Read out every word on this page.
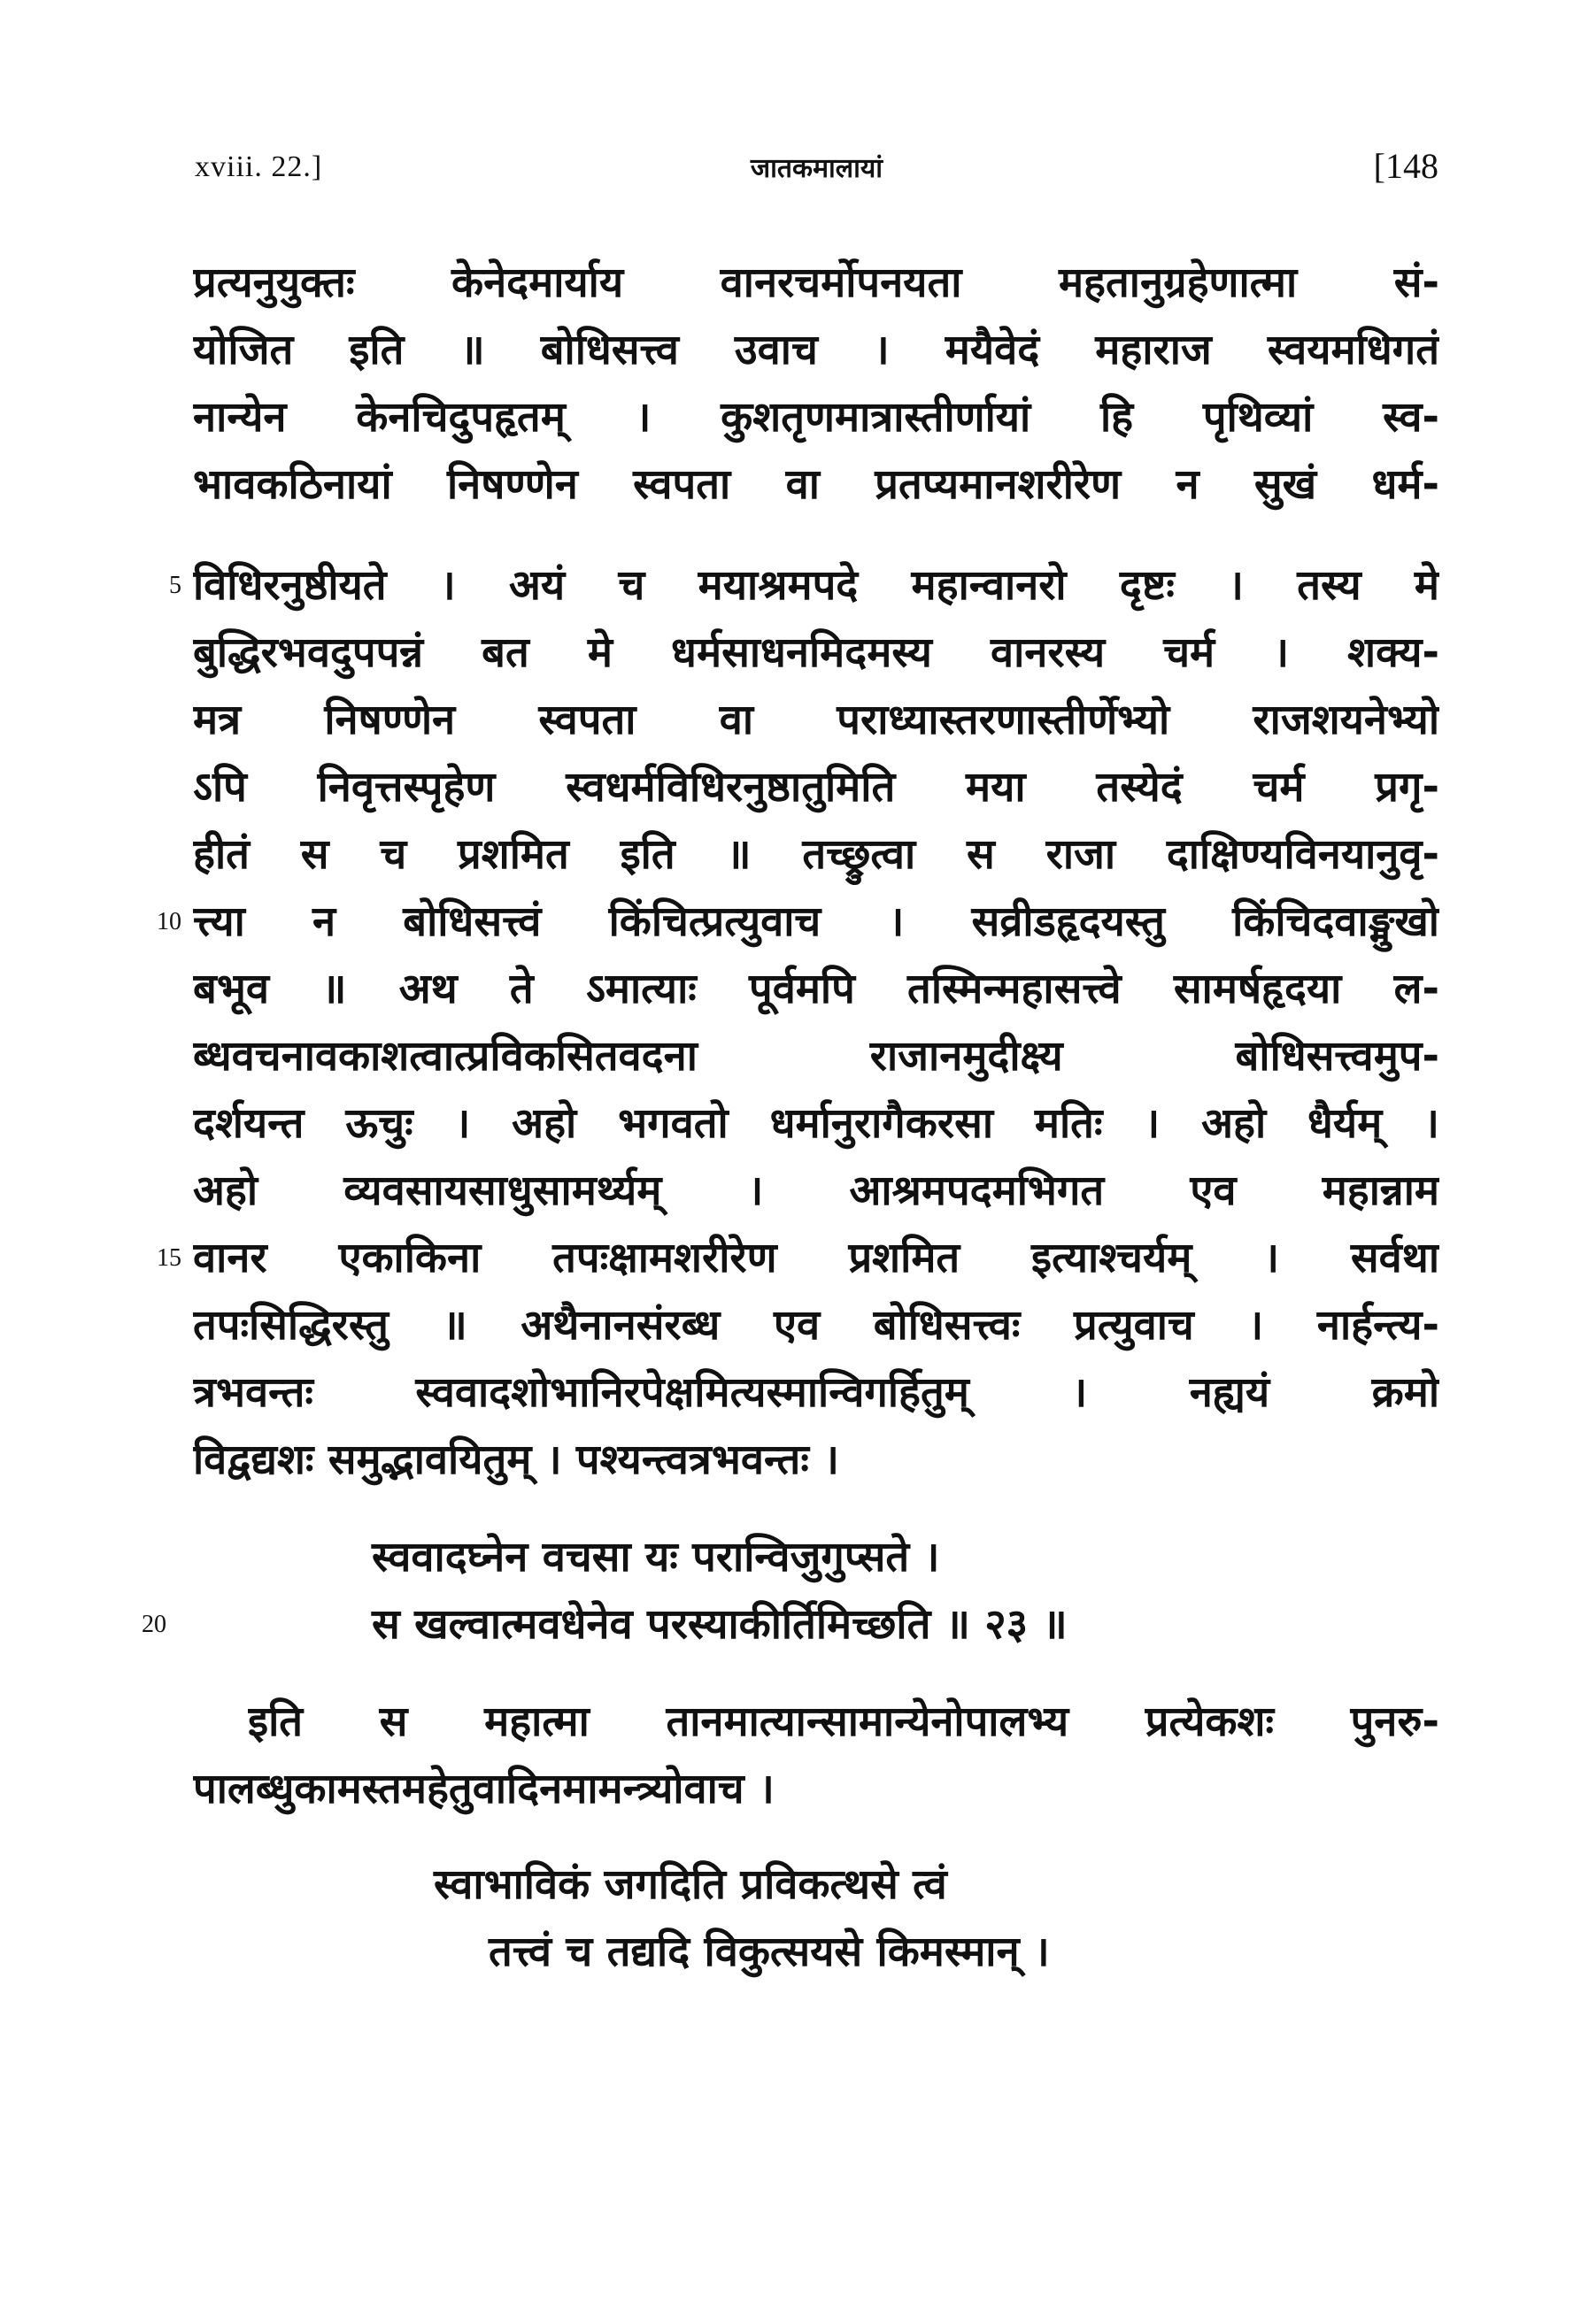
xviii. 22.]	जातकमालायां	[148
प्रत्यनुयुक्तः केनेदमार्याय वानरचर्मोपनयता महतानुग्रहेणात्मा सं-
योजित इति ॥ बोधिसत्त्व उवाच । मयैवेदं महाराज स्वयमधिगतं
नान्येन केनचिदुपहृतम् । कुशतृणमात्रास्तीर्णायां हि पृथिव्यां स्व-
भावकठिनायां निषण्णेन स्वपता वा प्रतप्यमानशरीरेण न सुखं धर्म-
विधिरनुष्ठीयते । अयं च मयाश्रमपदे महान्वानरो दृष्टः । तस्य मे
बुद्धिरभवदुपपन्नं बत मे धर्मसाधनमिदमस्य वानरस्य चर्म । शक्य-
मत्र निषण्णेन स्वपता वा पराध्यास्तरणास्तीर्णेभ्यो राजशयनेभ्यो
ऽपि निवृत्तस्पृहेण स्वधर्मविधिरनुष्ठातुमिति मया तस्येदं चर्म प्रगृ-
हीतं स च प्रशमित इति ॥ तच्छ्रुत्वा स राजा दाक्षिण्यविनयानुवृ-
त्त्या न बोधिसत्त्वं किंचित्प्रत्युवाच । सव्रीडहृदयस्तु किंचिदवाङ्मुखो
बभूव ॥ अथ ते ऽमात्याः पूर्वमपि तस्मिन्महासत्त्वे सामर्षहृदया ल-
ब्धवचनावकाशत्वात्प्रविकसितवदना राजानमुदीक्ष्य बोधिसत्त्वमुप-
दर्शयन्त ऊचुः । अहो भगवतो धर्मानुरागैकरसा मतिः । अहो धैर्यम् ।
अहो व्यवसायसाधुसामर्थ्यम् । आश्रमपदमभिगत एव महान्नाम
वानर एकाकिना तपःक्षामशरीरेण प्रशमित इत्याश्चर्यम् । सर्वथा
तपःसिद्धिरस्तु ॥ अथैनानसंरब्ध एव बोधिसत्त्वः प्रत्युवाच । नार्हन्त्य-
त्रभवन्तः स्ववादशोभानिरपेक्षमित्यस्मान्विगर्हितुम् । नह्ययं क्रमो
विद्वद्यशः समुद्भावयितुम् । पश्यन्त्वत्रभवन्तः ।
स्ववादघ्नेन वचसा यः परान्विजुगुप्सते ।
स खल्वात्मवधेनेव परस्याकीर्तिमिच्छति ॥ २३ ॥
इति स महात्मा तानमात्यान्सामान्येनोपालभ्य प्रत्येकशः पुनरु-
पालब्धुकामस्तमहेतुवादिनमामन्त्र्योवाच ।
स्वाभाविकं जगदिति प्रविकत्थसे त्वं
तत्त्वं च तद्यदि विकुत्सयसे किमस्मान् ।
5
10
15
20
